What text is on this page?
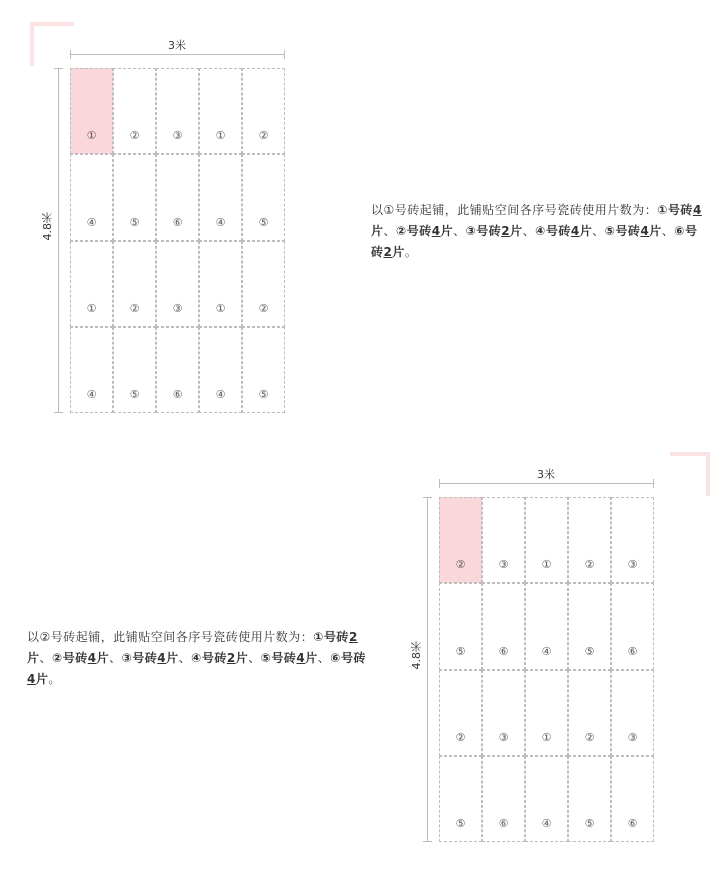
3米
4.8米
①	②	③	①	②
④	⑤	⑥	④	⑤
①	②	③	①	②
④	⑤	⑥	④	⑤
以①号砖起铺，此铺贴空间各序号瓷砖使用片数为：①号砖4片、②号砖4片、③号砖2片、④号砖4片、⑤号砖4片、⑥号砖2片。
3米
4.8米
②	③	①	②	③
⑤	⑥	④	⑤	⑥
②	③	①	②	③
⑤	⑥	④	⑤	⑥
以②号砖起铺，此铺贴空间各序号瓷砖使用片数为：①号砖2片、②号砖4片、③号砖4片、④号砖2片、⑤号砖4片、⑥号砖4片。
